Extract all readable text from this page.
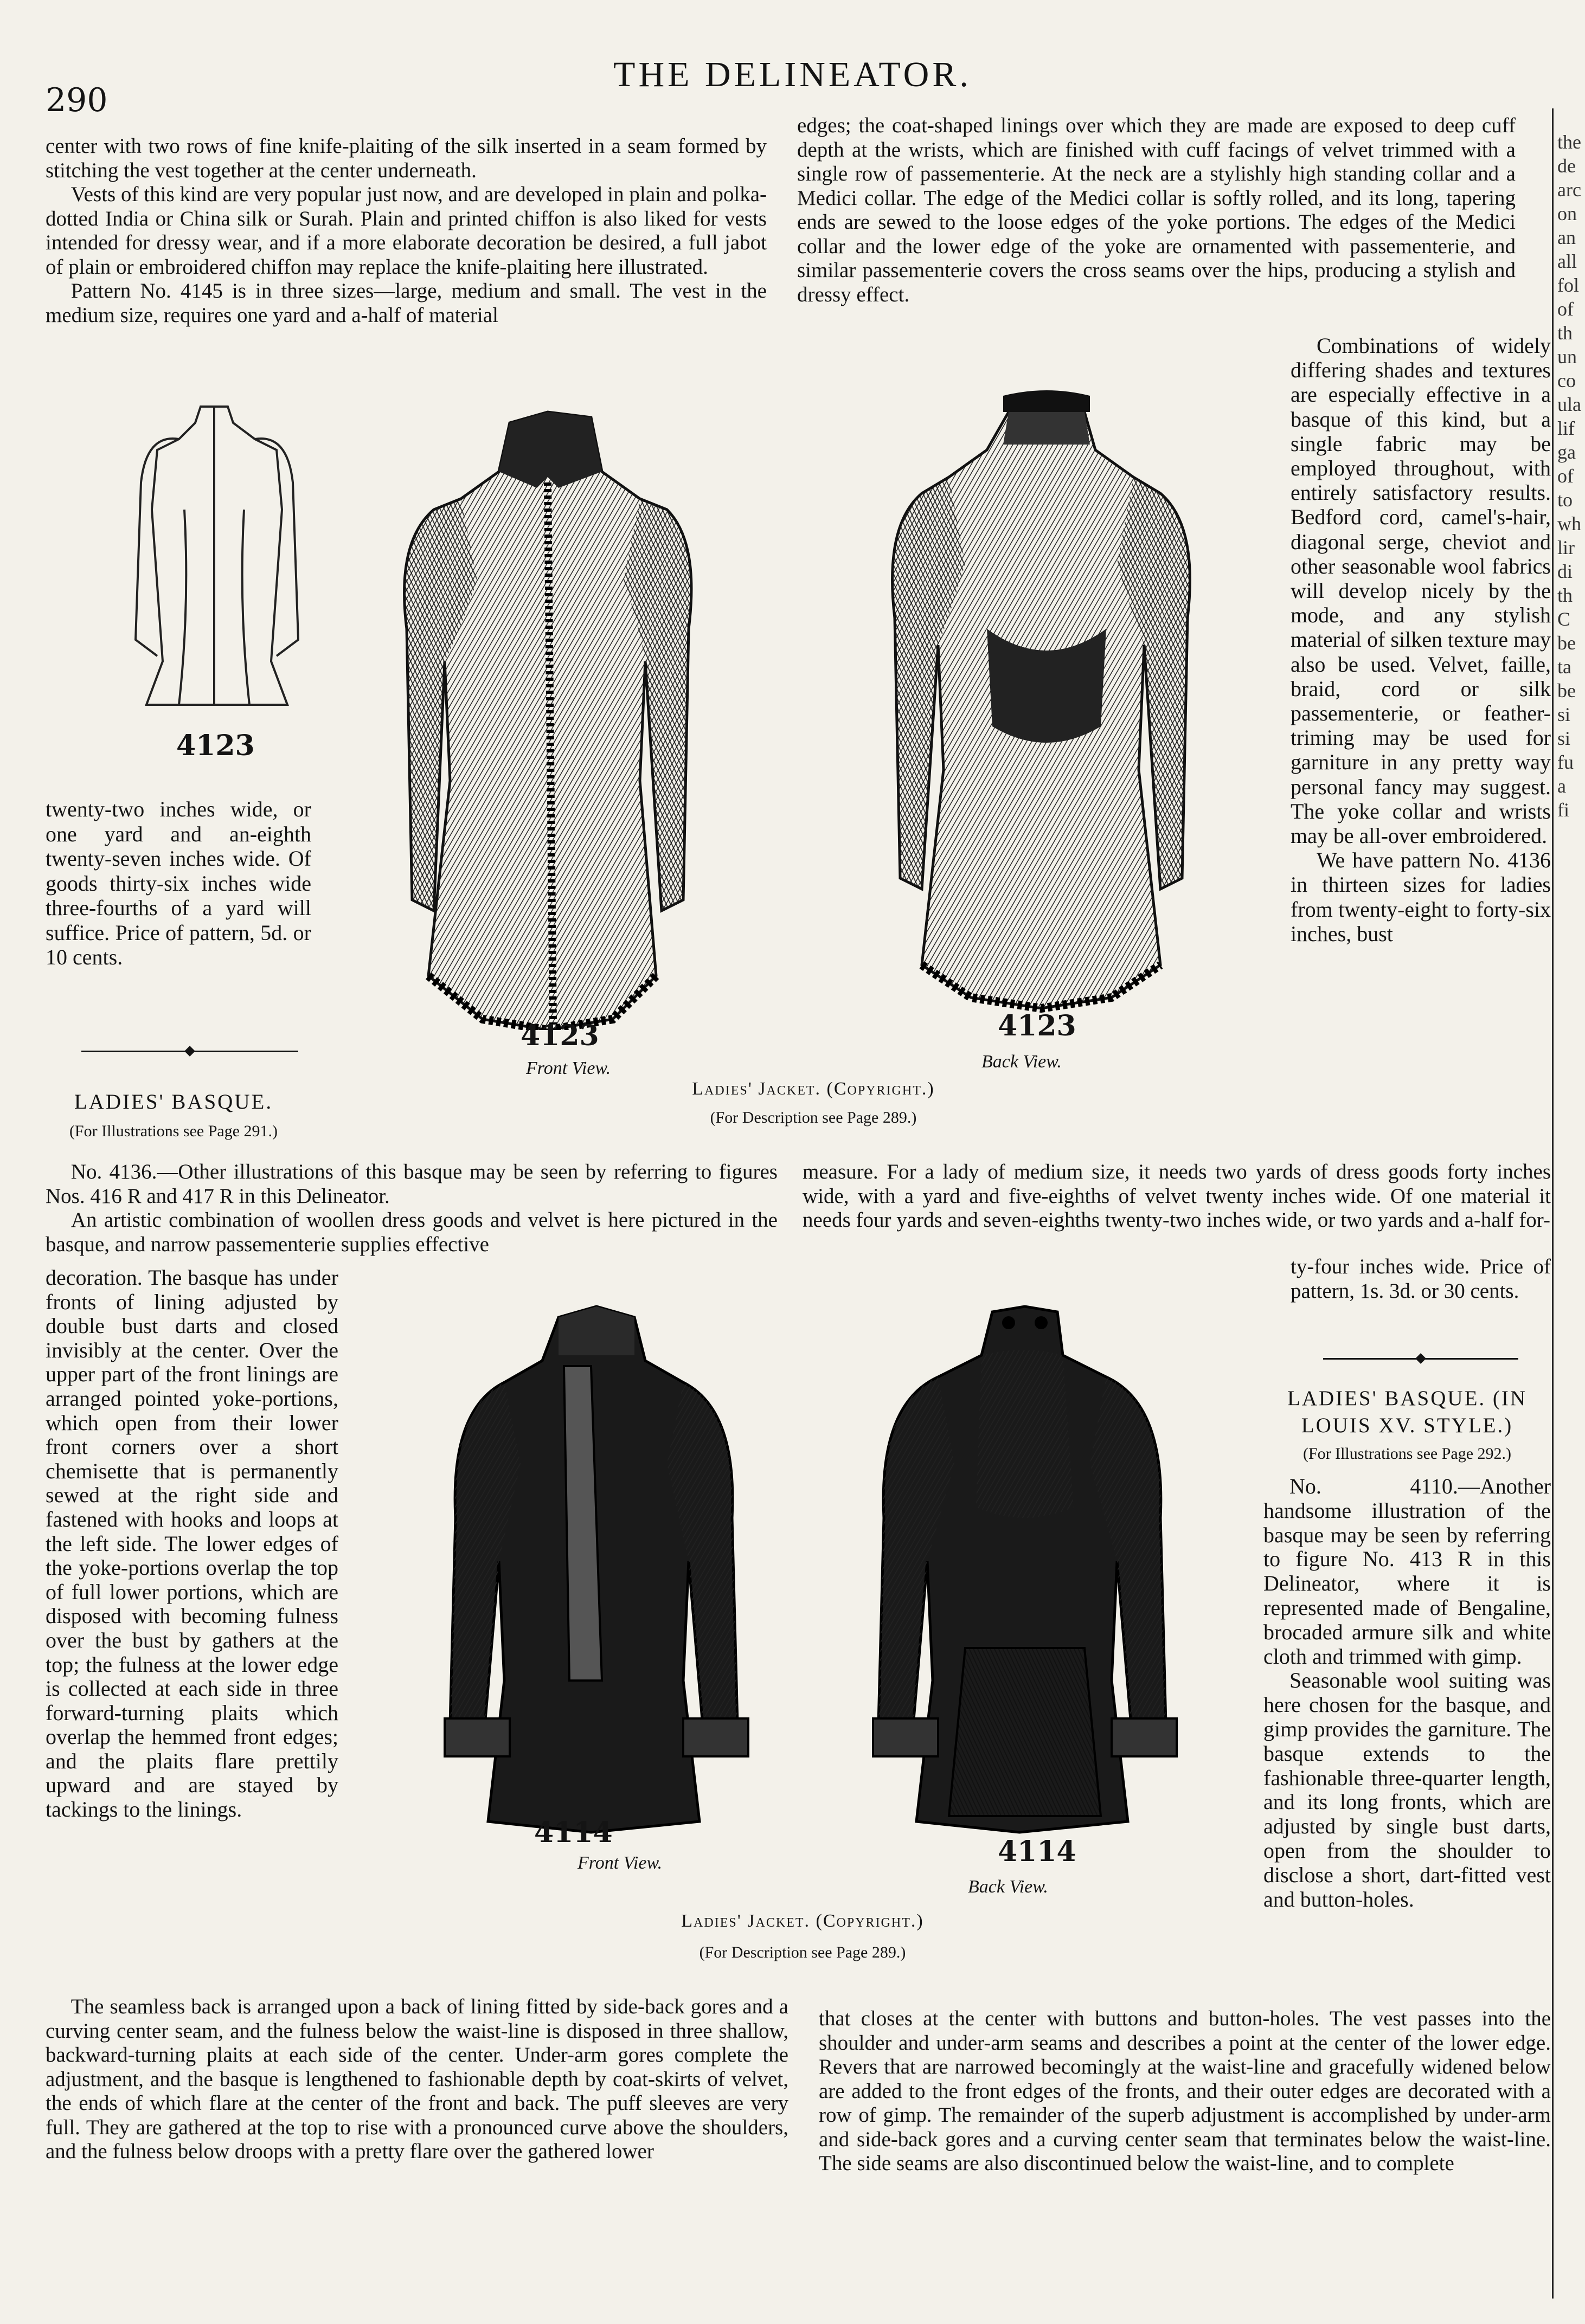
290
THE DELINEATOR.

center with two rows of fine knife-plaiting of the silk inserted in a seam formed by stitching the vest together at the center underneath.

Vests of this kind are very popular just now, and are developed in plain and polka-dotted India or China silk or Surah. Plain and printed chiffon is also liked for vests intended for dressy wear, and if a more elaborate decoration be desired, a full jabot of plain or embroidered chiffon may replace the knife-plaiting here illustrated.

Pattern No. 4145 is in three sizes—large, medium and small. The vest in the medium size, requires one yard and a-half of material

edges; the coat-shaped linings over which they are made are exposed to deep cuff depth at the wrists, which are finished with cuff facings of velvet trimmed with a single row of passementerie. At the neck are a stylishly high standing collar and a Medici collar. The edge of the Medici collar is softly rolled, and its long, tapering ends are sewed to the loose edges of the yoke portions. The edges of the Medici collar and the lower edge of the yoke are ornamented with passementerie, and similar passementerie covers the cross seams over the hips, producing a stylish and dressy effect.

4123

twenty-two inches wide, or one yard and an-eighth twenty-seven inches wide. Of goods thirty-six inches wide three-fourths of a yard will suffice. Price of pattern, 5d. or 10 cents.

4123
Front View.
4123
Back View.
Ladies' Jacket. (Copyright.)
(For Description see Page 289.)

Combinations of widely differing shades and textures are especially effective in a basque of this kind, but a single fabric may be employed throughout, with entirely satisfactory results. Bedford cord, camel's-hair, diagonal serge, cheviot and other seasonable wool fabrics will develop nicely by the mode, and any stylish material of silken texture may also be used. Velvet, faille, braid, cord or silk passementerie, or feather-triming may be used for garniture in any pretty way personal fancy may suggest. The yoke collar and wrists may be all-over embroidered.

We have pattern No. 4136 in thirteen sizes for ladies from twenty-eight to forty-six inches, bust

LADIES' BASQUE.
(For Illustrations see Page 291.)

No. 4136.—Other illustrations of this basque may be seen by referring to figures Nos. 416 R and 417 R in this Delineator.

An artistic combination of woollen dress goods and velvet is here pictured in the basque, and narrow passementerie supplies effective

measure. For a lady of medium size, it needs two yards of dress goods forty inches wide, with a yard and five-eighths of velvet twenty inches wide. Of one material it needs four yards and seven-eighths twenty-two inches wide, or two yards and a-half for-

ty-four inches wide. Price of pattern, 1s. 3d. or 30 cents.

decoration. The basque has under fronts of lining adjusted by double bust darts and closed invisibly at the center. Over the upper part of the front linings are arranged pointed yoke-portions, which open from their lower front corners over a short chemisette that is permanently sewed at the right side and fastened with hooks and loops at the left side. The lower edges of the yoke-portions overlap the top of full lower portions, which are disposed with becoming fulness over the bust by gathers at the top; the fulness at the lower edge is collected at each side in three forward-turning plaits which overlap the hemmed front edges; and the plaits flare prettily upward and are stayed by tackings to the linings.

4114
Front View.	4114
Back View.
Ladies' Jacket. (Copyright.)
(For Description see Page 289.)
LADIES' BASQUE. (IN LOUIS XV. STYLE.)
(For Illustrations see Page 292.)

No. 4110.—Another handsome illustration of the basque may be seen by referring to figure No. 413 R in this Delineator, where it is represented made of Bengaline, brocaded armure silk and white cloth and trimmed with gimp.

Seasonable wool suiting was here chosen for the basque, and gimp provides the garniture. The basque extends to the fashionable three-quarter length, and its long fronts, which are adjusted by single bust darts, open from the shoulder to disclose a short, dart-fitted vest and button-holes.

The seamless back is arranged upon a back of lining fitted by side-back gores and a curving center seam, and the fulness below the waist-line is disposed in three shallow, backward-turning plaits at each side of the center. Under-arm gores complete the adjustment, and the basque is lengthened to fashionable depth by coat-skirts of velvet, the ends of which flare at the center of the front and back. The puff sleeves are very full. They are gathered at the top to rise with a pronounced curve above the shoulders, and the fulness below droops with a pretty flare over the gathered lower

that closes at the center with buttons and button-holes. The vest passes into the shoulder and under-arm seams and describes a point at the center of the lower edge. Revers that are narrowed becomingly at the waist-line and gracefully widened below are added to the front edges of the fronts, and their outer edges are decorated with a row of gimp. The remainder of the superb adjustment is accomplished by under-arm and side-back gores and a curving center seam that terminates below the waist-line. The side seams are also discontinued below the waist-line, and to complete

the
de
arc
on
an
all
fol
of
th
un
co
ula
lif
ga
of
to
wh
lir
di
th
C
be
ta
be
si
si
fu
a
fi
